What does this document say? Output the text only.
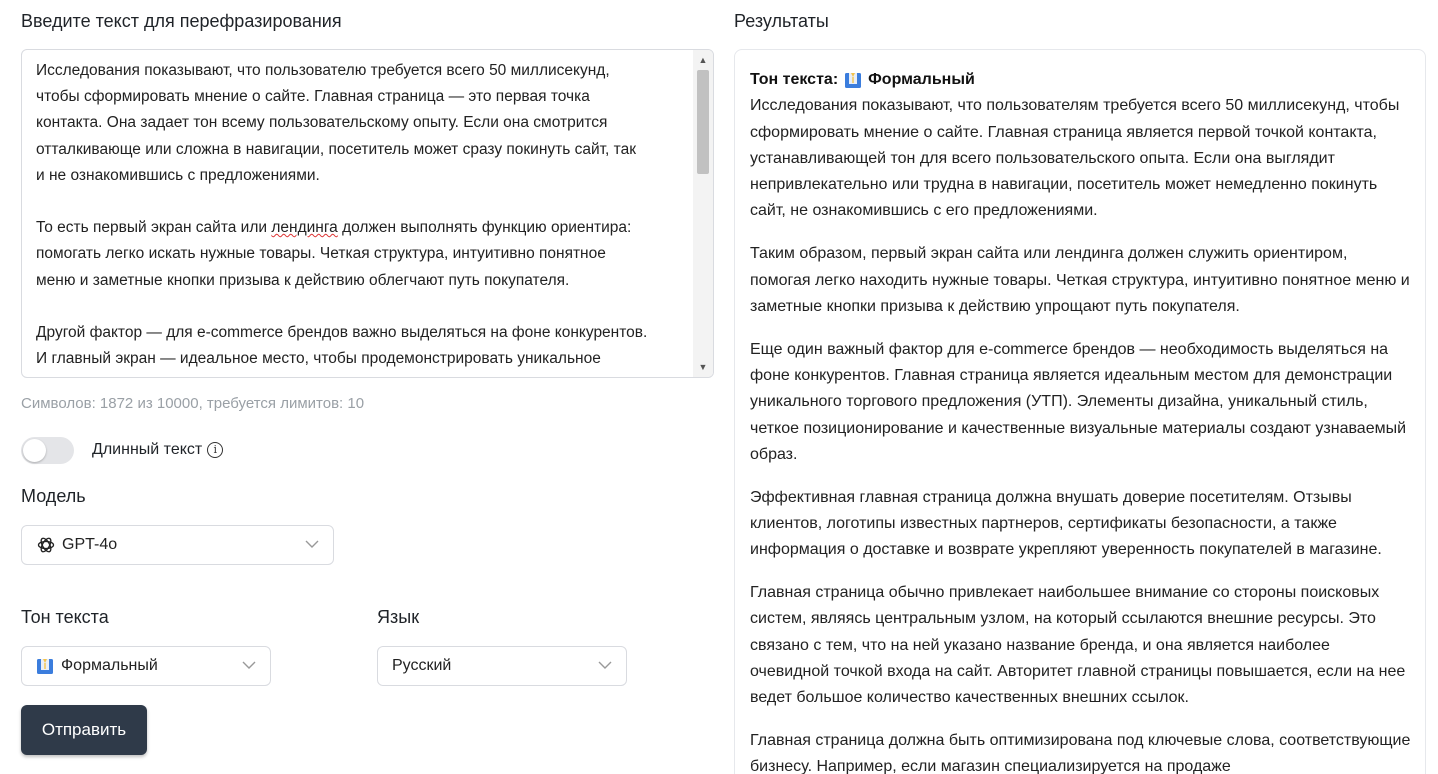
Введите текст для перефразирования
Исследования показывают, что пользователю требуется всего 50 миллисекунд,
чтобы сформировать мнение о сайте. Главная страница — это первая точка
контакта. Она задает тон всему пользовательскому опыту. Если она смотрится
отталкивающе или сложна в навигации, посетитель может сразу покинуть сайт, так
и не ознакомившись с предложениями.

То есть первый экран сайта или лендинга должен выполнять функцию ориентира:
помогать легко искать нужные товары. Четкая структура, интуитивно понятное
меню и заметные кнопки призыва к действию облегчают путь покупателя.

Другой фактор — для e-commerce брендов важно выделяться на фоне конкурентов.
И главный экран — идеальное место, чтобы продемонстрировать уникальное
▲
▼
Символов: 1872 из 10000, требуется лимитов: 10
Длинный текст	i
Модель
GPT-4o
Тон текста
Формальный
Язык
Русский
Отправить
Результаты
Тон текста: Формальный

Исследования показывают, что пользователям требуется всего 50 миллисекунд, чтобы сформировать мнение о сайте. Главная страница является первой точкой контакта, устанавливающей тон для всего пользовательского опыта. Если она выглядит непривлекательно или трудна в навигации, посетитель может немедленно покинуть сайт, не ознакомившись с его предложениями.

Таким образом, первый экран сайта или лендинга должен служить ориентиром, помогая легко находить нужные товары. Четкая структура, интуитивно понятное меню и заметные кнопки призыва к действию упрощают путь покупателя.

Еще один важный фактор для e-commerce брендов — необходимость выделяться на фоне конкурентов. Главная страница является идеальным местом для демонстрации уникального торгового предложения (УТП). Элементы дизайна, уникальный стиль, четкое позиционирование и качественные визуальные материалы создают узнаваемый образ.

Эффективная главная страница должна внушать доверие посетителям. Отзывы клиентов, логотипы известных партнеров, сертификаты безопасности, а также информация о доставке и возврате укрепляют уверенность покупателей в магазине.

Главная страница обычно привлекает наибольшее внимание со стороны поисковых систем, являясь центральным узлом, на который ссылаются внешние ресурсы. Это связано с тем, что на ней указано название бренда, и она является наиболее очевидной точкой входа на сайт. Авторитет главной страницы повышается, если на нее ведет большое количество качественных внешних ссылок.

Главная страница должна быть оптимизирована под ключевые слова, соответствующие бизнесу. Например, если магазин специализируется на продаже
